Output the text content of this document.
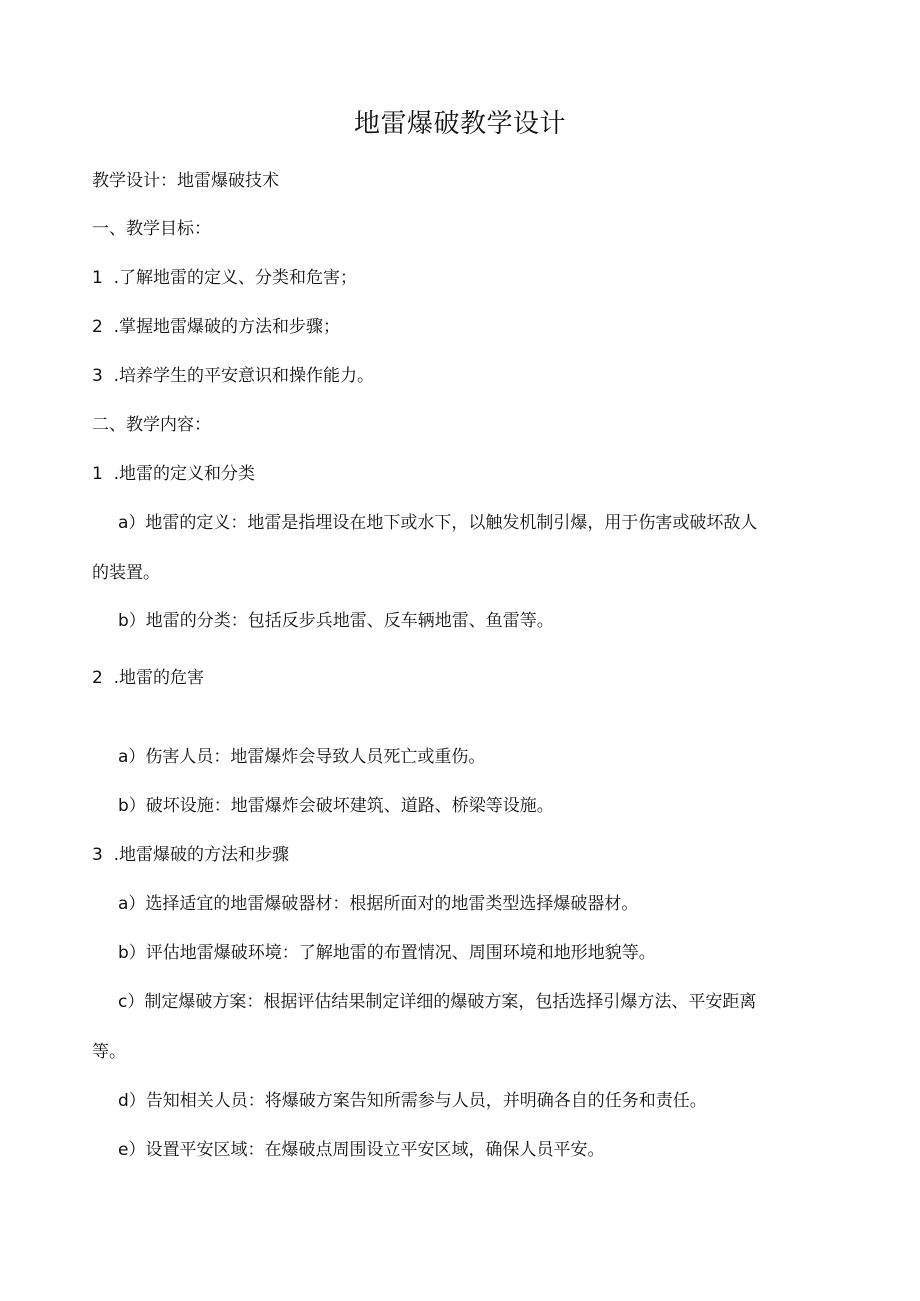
地雷爆破教学设计
教学设计：地雷爆破技术
一、教学目标：
1  .了解地雷的定义、分类和危害；
2  .掌握地雷爆破的方法和步骤；
3  .培养学生的平安意识和操作能力。
二、教学内容：
1  .地雷的定义和分类
a）地雷的定义：地雷是指埋设在地下或水下，以触发机制引爆，用于伤害或破坏敌人
的装置。
b）地雷的分类：包括反步兵地雷、反车辆地雷、鱼雷等。
2  .地雷的危害
a）伤害人员：地雷爆炸会导致人员死亡或重伤。
b）破坏设施：地雷爆炸会破坏建筑、道路、桥梁等设施。
3  .地雷爆破的方法和步骤
a）选择适宜的地雷爆破器材：根据所面对的地雷类型选择爆破器材。
b）评估地雷爆破环境：了解地雷的布置情况、周围环境和地形地貌等。
c）制定爆破方案：根据评估结果制定详细的爆破方案，包括选择引爆方法、平安距离
等。
d）告知相关人员：将爆破方案告知所需参与人员，并明确各自的任务和责任。
e）设置平安区域：在爆破点周围设立平安区域，确保人员平安。
